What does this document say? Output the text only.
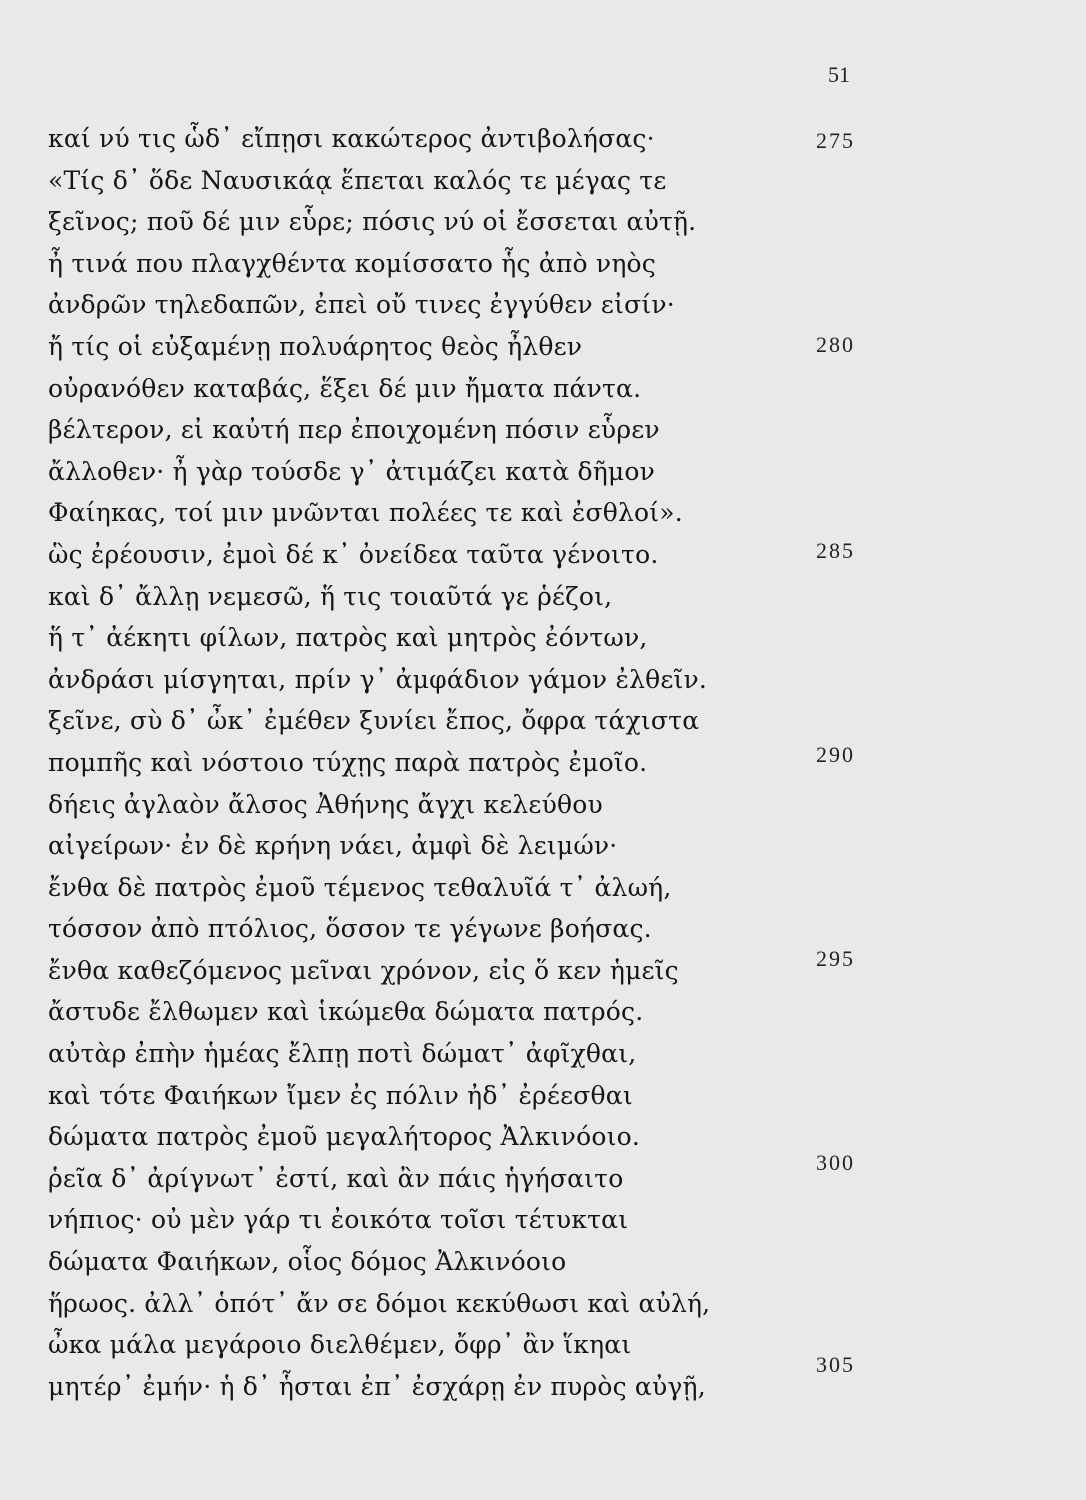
51
καί νύ τις ὧδ᾽ εἴπῃσι κακώτερος ἀντιβολήσας·
«Τίς δ᾽ ὅδε Ναυσικάᾳ ἕπεται καλός τε μέγας τε
ξεῖνος; ποῦ δέ μιν εὗρε; πόσις νύ οἱ ἔσσεται αὐτῇ.
ἦ τινά που πλαγχθέντα κομίσσατο ἧς ἀπὸ νηὸς
ἀνδρῶν τηλεδαπῶν, ἐπεὶ οὔ τινες ἐγγύθεν εἰσίν·
ἤ τίς οἱ εὐξαμένῃ πολυάρητος θεὸς ἦλθεν
οὐρανόθεν καταβάς, ἕξει δέ μιν ἤματα πάντα.
βέλτερον, εἰ καὐτή περ ἐποιχομένη πόσιν εὗρεν
ἄλλοθεν· ἦ γὰρ τούσδε γ᾽ ἀτιμάζει κατὰ δῆμον
Φαίηκας, τοί μιν μνῶνται πολέες τε καὶ ἐσθλοί».
ὣς ἐρέουσιν, ἐμοὶ δέ κ᾽ ὀνείδεα ταῦτα γένοιτο.
καὶ δ᾽ ἄλλῃ νεμεσῶ, ἥ τις τοιαῦτά γε ῥέζοι,
ἥ τ᾽ ἀέκητι φίλων, πατρὸς καὶ μητρὸς ἐόντων,
ἀνδράσι μίσγηται, πρίν γ᾽ ἀμφάδιον γάμον ἐλθεῖν.
ξεῖνε, σὺ δ᾽ ὦκ᾽ ἐμέθεν ξυνίει ἔπος, ὄφρα τάχιστα
πομπῆς καὶ νόστοιο τύχῃς παρὰ πατρὸς ἐμοῖο.
δήεις ἀγλαὸν ἄλσος Ἀθήνης ἄγχι κελεύθου
αἰγείρων· ἐν δὲ κρήνη νάει, ἀμφὶ δὲ λειμών·
ἔνθα δὲ πατρὸς ἐμοῦ τέμενος τεθαλυῖά τ᾽ ἀλωή,
τόσσον ἀπὸ πτόλιος, ὅσσον τε γέγωνε βοήσας.
ἔνθα καθεζόμενος μεῖναι χρόνον, εἰς ὅ κεν ἡμεῖς
ἄστυδε ἔλθωμεν καὶ ἱκώμεθα δώματα πατρός.
αὐτὰρ ἐπὴν ἡμέας ἔλπῃ ποτὶ δώματ᾽ ἀφῖχθαι,
καὶ τότε Φαιήκων ἴμεν ἐς πόλιν ἠδ᾽ ἐρέεσθαι
δώματα πατρὸς ἐμοῦ μεγαλήτορος Ἀλκινόοιο.
ῥεῖα δ᾽ ἀρίγνωτ᾽ ἐστί, καὶ ἂν πάις ἡγήσαιτο
νήπιος· οὐ μὲν γάρ τι ἐοικότα τοῖσι τέτυκται
δώματα Φαιήκων, οἷος δόμος Ἀλκινόοιο
ἥρωος. ἀλλ᾽ ὁπότ᾽ ἄν σε δόμοι κεκύθωσι καὶ αὐλή,
ὦκα μάλα μεγάροιο διελθέμεν, ὄφρ᾽ ἂν ἵκηαι
μητέρ᾽ ἐμήν· ἡ δ᾽ ἧσται ἐπ᾽ ἐσχάρῃ ἐν πυρὸς αὐγῇ,
275
280
285
290
295
300
305
